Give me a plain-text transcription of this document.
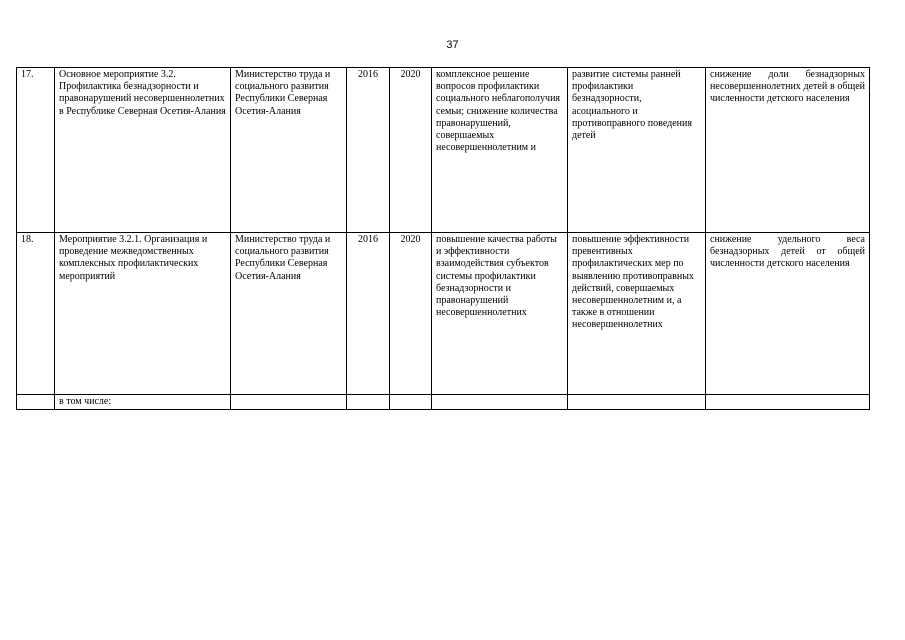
37
17.	Основное мероприятие 3.2. Профилактика безнадзорности и правонарушений несовершеннолетних в Республике Северная Осетия-Алания	Министерство труда и социального развития Республики Северная Осетия-Алания	2016	2020	комплексное решение вопросов профилактики социального неблагополучия семьи; снижение количества правонарушений, совершаемых несовершеннолетним и	развитие системы ранней профилактики безнадзорности, асоциального и противоправного поведения детей	снижение доли безнадзорных несовершеннолетних детей в общей численности детского населения
18.	Мероприятие 3.2.1. Организация и проведение межведомственных комплексных профилактических мероприятий	Министерство труда и социального развития Республики Северная Осетия-Алания	2016	2020	повышение качества работы и эффективности взаимодействия субъектов системы профилактики безнадзорности и правонарушений несовершеннолетних	повышение эффективности превентивных профилактических мер по выявлению противоправных действий, совершаемых несовершеннолетним и, а также в отношении несовершеннолетних	снижение удельного веса безнадзорных детей от общей численности детского населения
	в том числе:						
